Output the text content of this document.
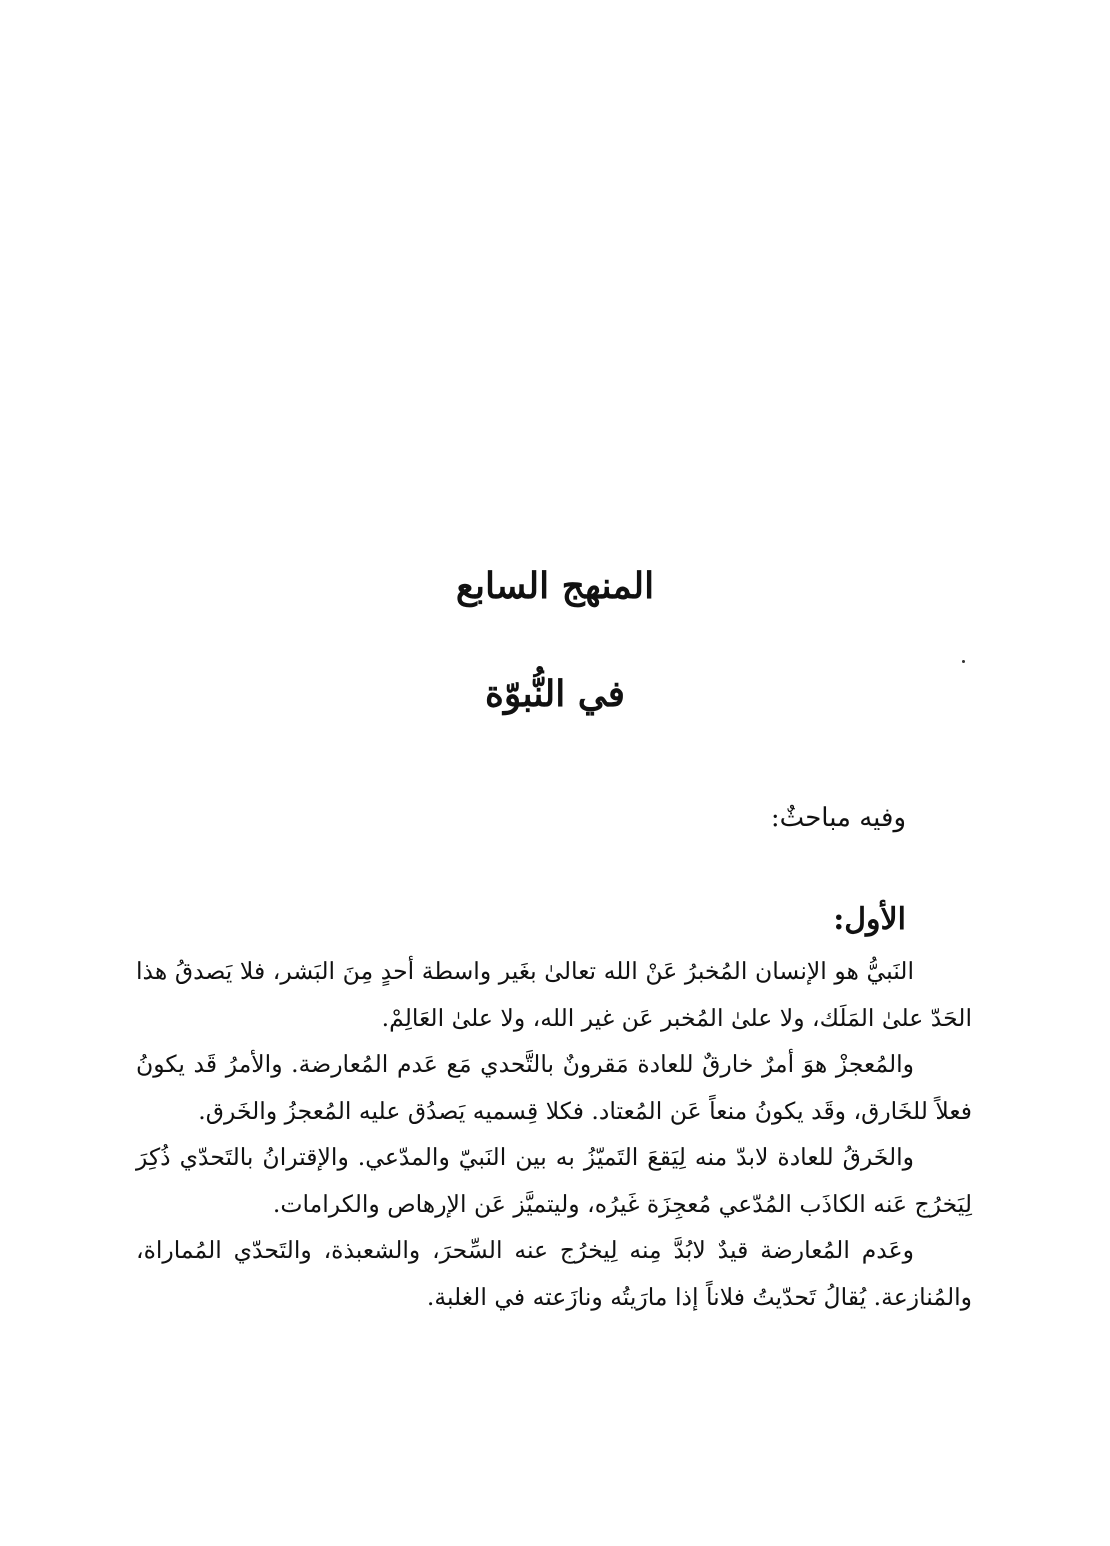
المنهج السابع
في النُّبوّة

وفيه مباحثٌ:

الأول:

النَبيُّ هو الإنسان المُخبرُ عَنْ الله تعالىٰ بغَير واسطة أحدٍ مِنَ البَشر، فلا يَصدقُ هذا الحَدّ علىٰ المَلَك، ولا علىٰ المُخبر عَن غير الله، ولا علىٰ العَالِمْ.

والمُعجزْ هوَ أمرٌ خارقٌ للعادة مَقرونٌ بالتَّحدي مَع عَدم المُعارضة. والأمرُ قَد يكونُ فعلاً للخَارق، وقَد يكونُ منعاً عَن المُعتاد. فكلا قِسميه يَصدُق عليه المُعجزُ والخَرق.

والخَرقُ للعادة لابدّ منه لِيَقعَ التَميّزُ به بين النَبيّ والمدّعي. والإقترانُ بالتَحدّي ذُكِرَ لِيَخرُج عَنه الكاذَب المُدّعي مُعجِزَة غَيرُه، وليتميَّز عَن الإرهاص والكرامات.

وعَدم المُعارضة قيدٌ لابُدَّ مِنه لِيخرُج عنه السِّحرَ، والشعبذة، والتَحدّي المُماراة، والمُنازعة. يُقالُ تَحدّيتُ فلاناً إذا مارَيتُه ونازَعته في الغلبة.
